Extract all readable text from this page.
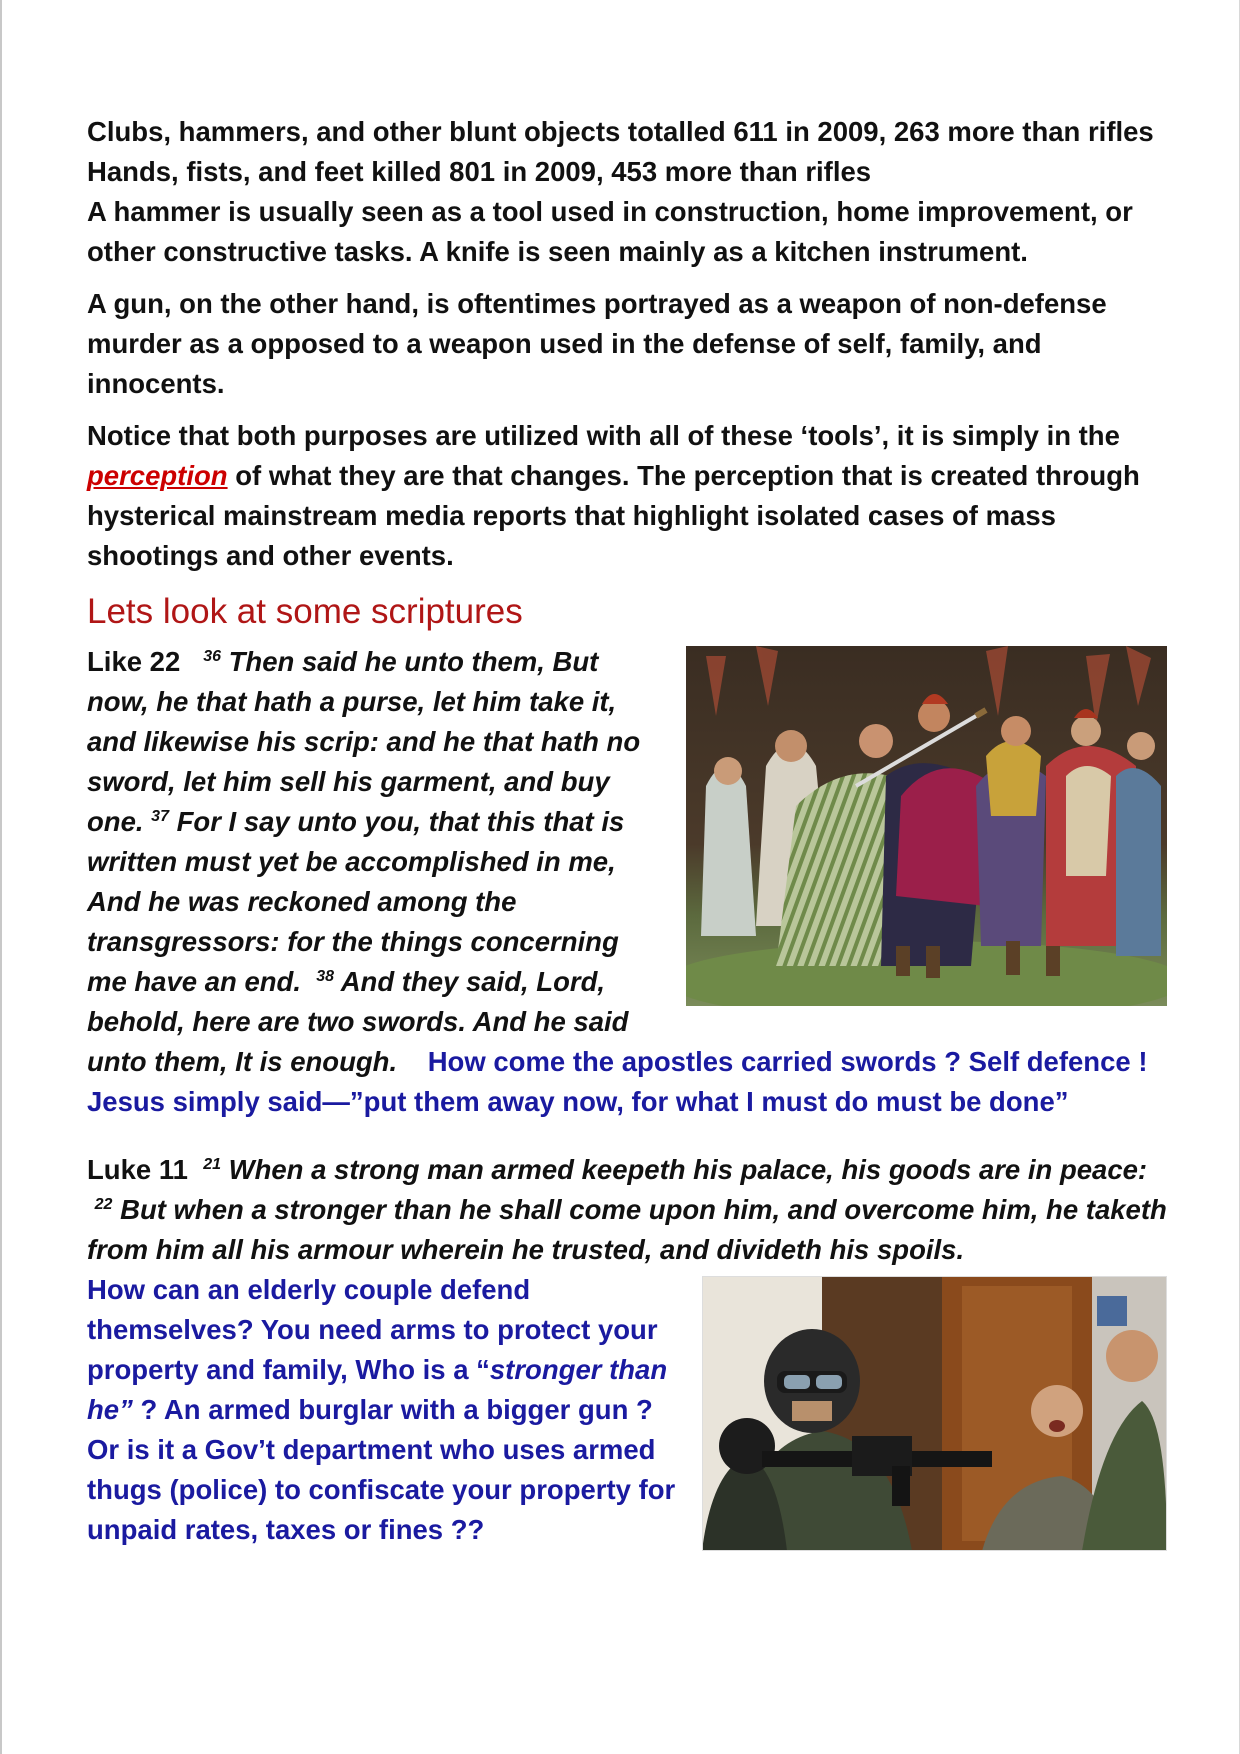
Clubs, hammers, and other blunt objects totalled 611 in 2009, 263 more than rifles

Hands, fists, and feet killed 801 in 2009, 453 more than rifles

A hammer is usually seen as a tool used in construction, home improvement, or other constructive tasks. A knife is seen mainly as a kitchen instrument.

A gun, on the other hand, is oftentimes portrayed as a weapon of non-defense murder as a opposed to a weapon used in the defense of self, family, and innocents.

Notice that both purposes are utilized with all of these ‘tools’, it is simply in the perception of what they are that changes. The perception that is created through hysterical mainstream media reports that highlight isolated cases of mass shootings and other events.

Lets look at some scriptures

Like 22 $^{36}$ Then said he unto them, But now, he that hath a purse, let him take it, and likewise his scrip: and he that hath no sword, let him sell his garment, and buy one. $^{37}$ For I say unto you, that this that is written must yet be accomplished in me, And he was reckoned among the transgressors: for the things concerning me have an end. $^{38}$ And they said, Lord, behold, here are two swords. And he said unto them, It is enough. How come the apostles carried swords ? Self defence ! Jesus simply said—”put them away now, for what I must do must be done”

Luke 11 $^{21}$ When a strong man armed keepeth his palace, his goods are in peace:  $^{22}$ But when a stronger than he shall come upon him, and overcome him, he taketh from him all his armour wherein he trusted, and divideth his spoils.

How can an elderly couple defend themselves? You need arms to protect your property and family, Who is a “stronger than he” ? An armed burglar with a bigger gun ? Or is it a Gov’t department who uses armed thugs (police) to confiscate your property for unpaid rates, taxes or fines ??
